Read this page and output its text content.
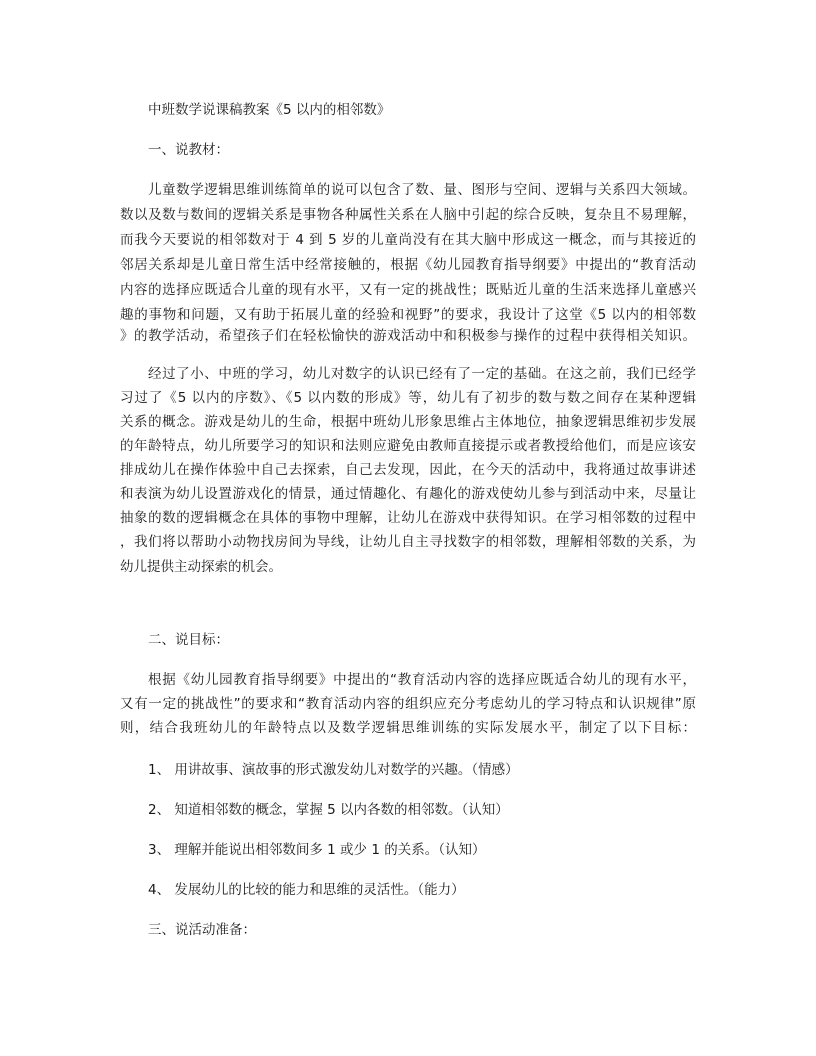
中班数学说课稿教案《5 以内的相邻数》
一、说教材：
儿童数学逻辑思维训练简单的说可以包含了数、量、图形与空间、逻辑与关系四大领域。
数以及数与数间的逻辑关系是事物各种属性关系在人脑中引起的综合反映，复杂且不易理解，
而我今天要说的相邻数对于 4 到 5 岁的儿童尚没有在其大脑中形成这一概念，而与其接近的
邻居关系却是儿童日常生活中经常接触的，根据《幼儿园教育指导纲要》中提出的“教育活动
内容的选择应既适合儿童的现有水平，又有一定的挑战性；既贴近儿童的生活来选择儿童感兴
趣的事物和问题，又有助于拓展儿童的经验和视野”的要求，我设计了这堂《5 以内的相邻数
》的教学活动，希望孩子们在轻松愉快的游戏活动中和积极参与操作的过程中获得相关知识。
经过了小、中班的学习，幼儿对数字的认识已经有了一定的基础。在这之前，我们已经学
习过了《5 以内的序数》、《5 以内数的形成》等，幼儿有了初步的数与数之间存在某种逻辑
关系的概念。游戏是幼儿的生命，根据中班幼儿形象思维占主体地位，抽象逻辑思维初步发展
的年龄特点，幼儿所要学习的知识和法则应避免由教师直接提示或者教授给他们，而是应该安
排成幼儿在操作体验中自己去探索，自己去发现，因此，在今天的活动中，我将通过故事讲述
和表演为幼儿设置游戏化的情景，通过情趣化、有趣化的游戏使幼儿参与到活动中来，尽量让
抽象的数的逻辑概念在具体的事物中理解，让幼儿在游戏中获得知识。在学习相邻数的过程中
，我们将以帮助小动物找房间为导线，让幼儿自主寻找数字的相邻数，理解相邻数的关系，为
幼儿提供主动探索的机会。
二、说目标：
根据《幼儿园教育指导纲要》中提出的“教育活动内容的选择应既适合幼儿的现有水平，
又有一定的挑战性”的要求和“教育活动内容的组织应充分考虑幼儿的学习特点和认识规律”原
则，结合我班幼儿的年龄特点以及数学逻辑思维训练的实际发展水平，制定了以下目标：
1、 用讲故事、演故事的形式激发幼儿对数学的兴趣。（情感）
2、 知道相邻数的概念，掌握 5 以内各数的相邻数。（认知）
3、 理解并能说出相邻数间多 1 或少 1 的关系。（认知）
4、 发展幼儿的比较的能力和思维的灵活性。（能力）
三、说活动准备：
